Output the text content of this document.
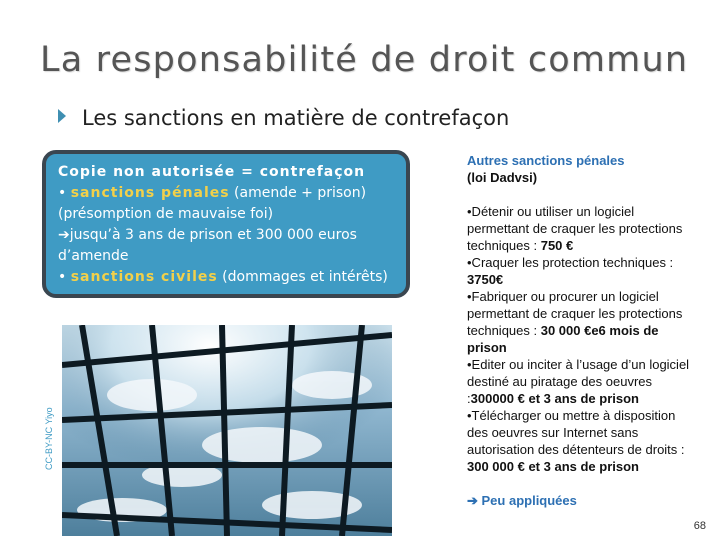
La responsabilité de droit commun
Les sanctions en matière de contrefaçon
Copie non autorisée = contrefaçon
• sanctions pénales (amende + prison)
(présomption de mauvaise foi)
➔jusqu’à 3 ans de prison et 300 000 euros d’amende
• sanctions civiles (dommages et intérêts)

Autres sanctions pénales

(loi Dadvsi)

•Détenir ou utiliser un logiciel permettant de craquer les protections techniques : 750 €

•Craquer les protection techniques : 3750€

•Fabriquer ou procurer un logiciel permettant de craquer les protections techniques : 30 000 €e6 mois de prison

•Editer ou inciter à l’usage d’un logiciel destiné au piratage des oeuvres :300000 € et 3 ans de prison

•Télécharger ou mettre à disposition des oeuvres sur Internet sans autorisation des détenteurs de droits : 300 000 € et 3 ans de prison

➔ Peu appliquées

CC-BY-NC Yiyo
68
